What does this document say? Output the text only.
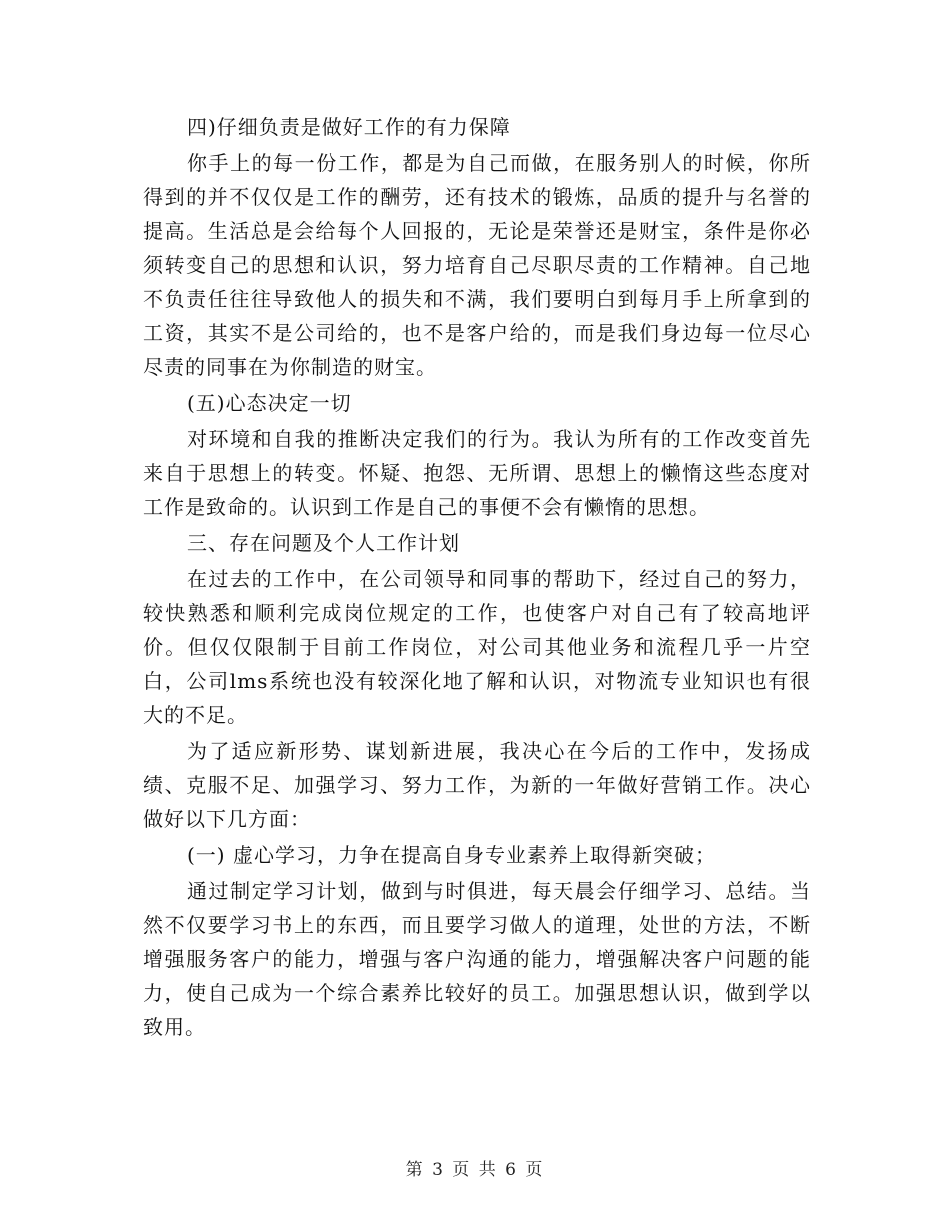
四)仔细负责是做好工作的有力保障

你手上的每一份工作，都是为自己而做，在服务别人的时候，你所得到的并不仅仅是工作的酬劳，还有技术的锻炼，品质的提升与名誉的提高。生活总是会给每个人回报的，无论是荣誉还是财宝，条件是你必须转变自己的思想和认识，努力培育自己尽职尽责的工作精神。自己地不负责任往往导致他人的损失和不满，我们要明白到每月手上所拿到的工资，其实不是公司给的，也不是客户给的，而是我们身边每一位尽心尽责的同事在为你制造的财宝。

(五)心态决定一切

对环境和自我的推断决定我们的行为。我认为所有的工作改变首先来自于思想上的转变。怀疑、抱怨、无所谓、思想上的懒惰这些态度对工作是致命的。认识到工作是自己的事便不会有懒惰的思想。

三、存在问题及个人工作计划

在过去的工作中，在公司领导和同事的帮助下，经过自己的努力，较快熟悉和顺利完成岗位规定的工作，也使客户对自己有了较高地评价。但仅仅限制于目前工作岗位，对公司其他业务和流程几乎一片空白，公司lms系统也没有较深化地了解和认识，对物流专业知识也有很大的不足。

为了适应新形势、谋划新进展，我决心在今后的工作中，发扬成绩、克服不足、加强学习、努力工作，为新的一年做好营销工作。决心做好以下几方面：

(一) 虚心学习，力争在提高自身专业素养上取得新突破；

通过制定学习计划，做到与时俱进，每天晨会仔细学习、总结。当然不仅要学习书上的东西，而且要学习做人的道理，处世的方法，不断增强服务客户的能力，增强与客户沟通的能力，增强解决客户问题的能力，使自己成为一个综合素养比较好的员工。加强思想认识，做到学以致用。

第 3 页 共 6 页
